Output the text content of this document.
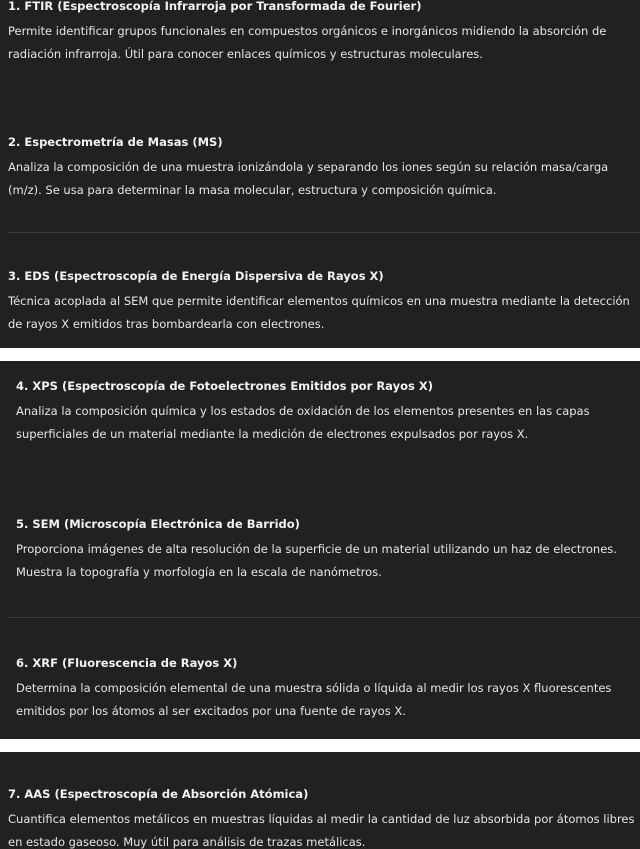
1. FTIR (Espectroscopía Infrarroja por Transformada de Fourier)

Permite identificar grupos funcionales en compuestos orgánicos e inorgánicos midiendo la absorción de
radiación infrarroja. Útil para conocer enlaces químicos y estructuras moleculares.

2. Espectrometría de Masas (MS)

Analiza la composición de una muestra ionizándola y separando los iones según su relación masa/carga
(m/z). Se usa para determinar la masa molecular, estructura y composición química.

3. EDS (Espectroscopía de Energía Dispersiva de Rayos X)

Técnica acoplada al SEM que permite identificar elementos químicos en una muestra mediante la detección
de rayos X emitidos tras bombardearla con electrones.

4. XPS (Espectroscopía de Fotoelectrones Emitidos por Rayos X)

Analiza la composición química y los estados de oxidación de los elementos presentes en las capas
superficiales de un material mediante la medición de electrones expulsados por rayos X.

5. SEM (Microscopía Electrónica de Barrido)

Proporciona imágenes de alta resolución de la superficie de un material utilizando un haz de electrones.
Muestra la topografía y morfología en la escala de nanómetros.

6. XRF (Fluorescencia de Rayos X)

Determina la composición elemental de una muestra sólida o líquida al medir los rayos X fluorescentes
emitidos por los átomos al ser excitados por una fuente de rayos X.

7. AAS (Espectroscopía de Absorción Atómica)

Cuantifica elementos metálicos en muestras líquidas al medir la cantidad de luz absorbida por átomos libres
en estado gaseoso. Muy útil para análisis de trazas metálicas.
